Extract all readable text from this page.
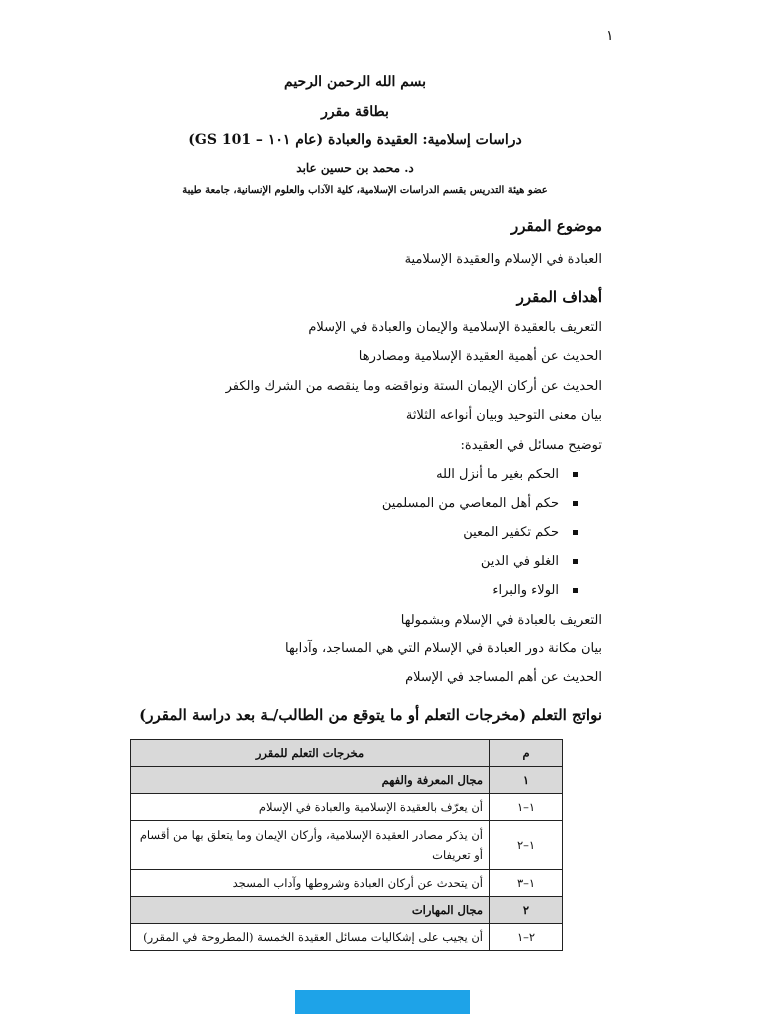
١
بسم الله الرحمن الرحيم
بطاقة مقرر
دراسات إسلامية: العقيدة والعبادة (عام ١٠١ – GS 101)
د. محمد بن حسين عابد
عضو هيئة التدريس بقسم الدراسات الإسلامية، كلية الآداب والعلوم الإنسانية، جامعة طيبة
موضوع المقرر
العبادة في الإسلام والعقيدة الإسلامية
أهداف المقرر
التعريف بالعقيدة الإسلامية والإيمان والعبادة في الإسلام
الحديث عن أهمية العقيدة الإسلامية ومصادرها
الحديث عن أركان الإيمان الستة ونواقضه وما ينقصه من الشرك والكفر
بيان معنى التوحيد وبيان أنواعه الثلاثة
توضيح مسائل في العقيدة:
الحكم بغير ما أنزل الله
حكم أهل المعاصي من المسلمين
حكم تكفير المعين
الغلو في الدين
الولاء والبراء
التعريف بالعبادة في الإسلام وبشمولها
بيان مكانة دور العبادة في الإسلام التي هي المساجد، وآدابها
الحديث عن أهم المساجد في الإسلام
نواتج التعلم (مخرجات التعلم أو ما يتوقع من الطالب/ـة بعد دراسة المقرر)
م	مخرجات التعلم للمقرر
١	مجال المعرفة والفهم
١–١	أن يعرّف بالعقيدة الإسلامية والعبادة في الإسلام
١–٢	أن يذكر مصادر العقيدة الإسلامية، وأركان الإيمان وما يتعلق بها من أقسام أو تعريفات
١–٣	أن يتحدث عن أركان العبادة وشروطها وآداب المسجد
٢	مجال المهارات
٢–١	أن يجيب على إشكاليات مسائل العقيدة الخمسة (المطروحة في المقرر)
